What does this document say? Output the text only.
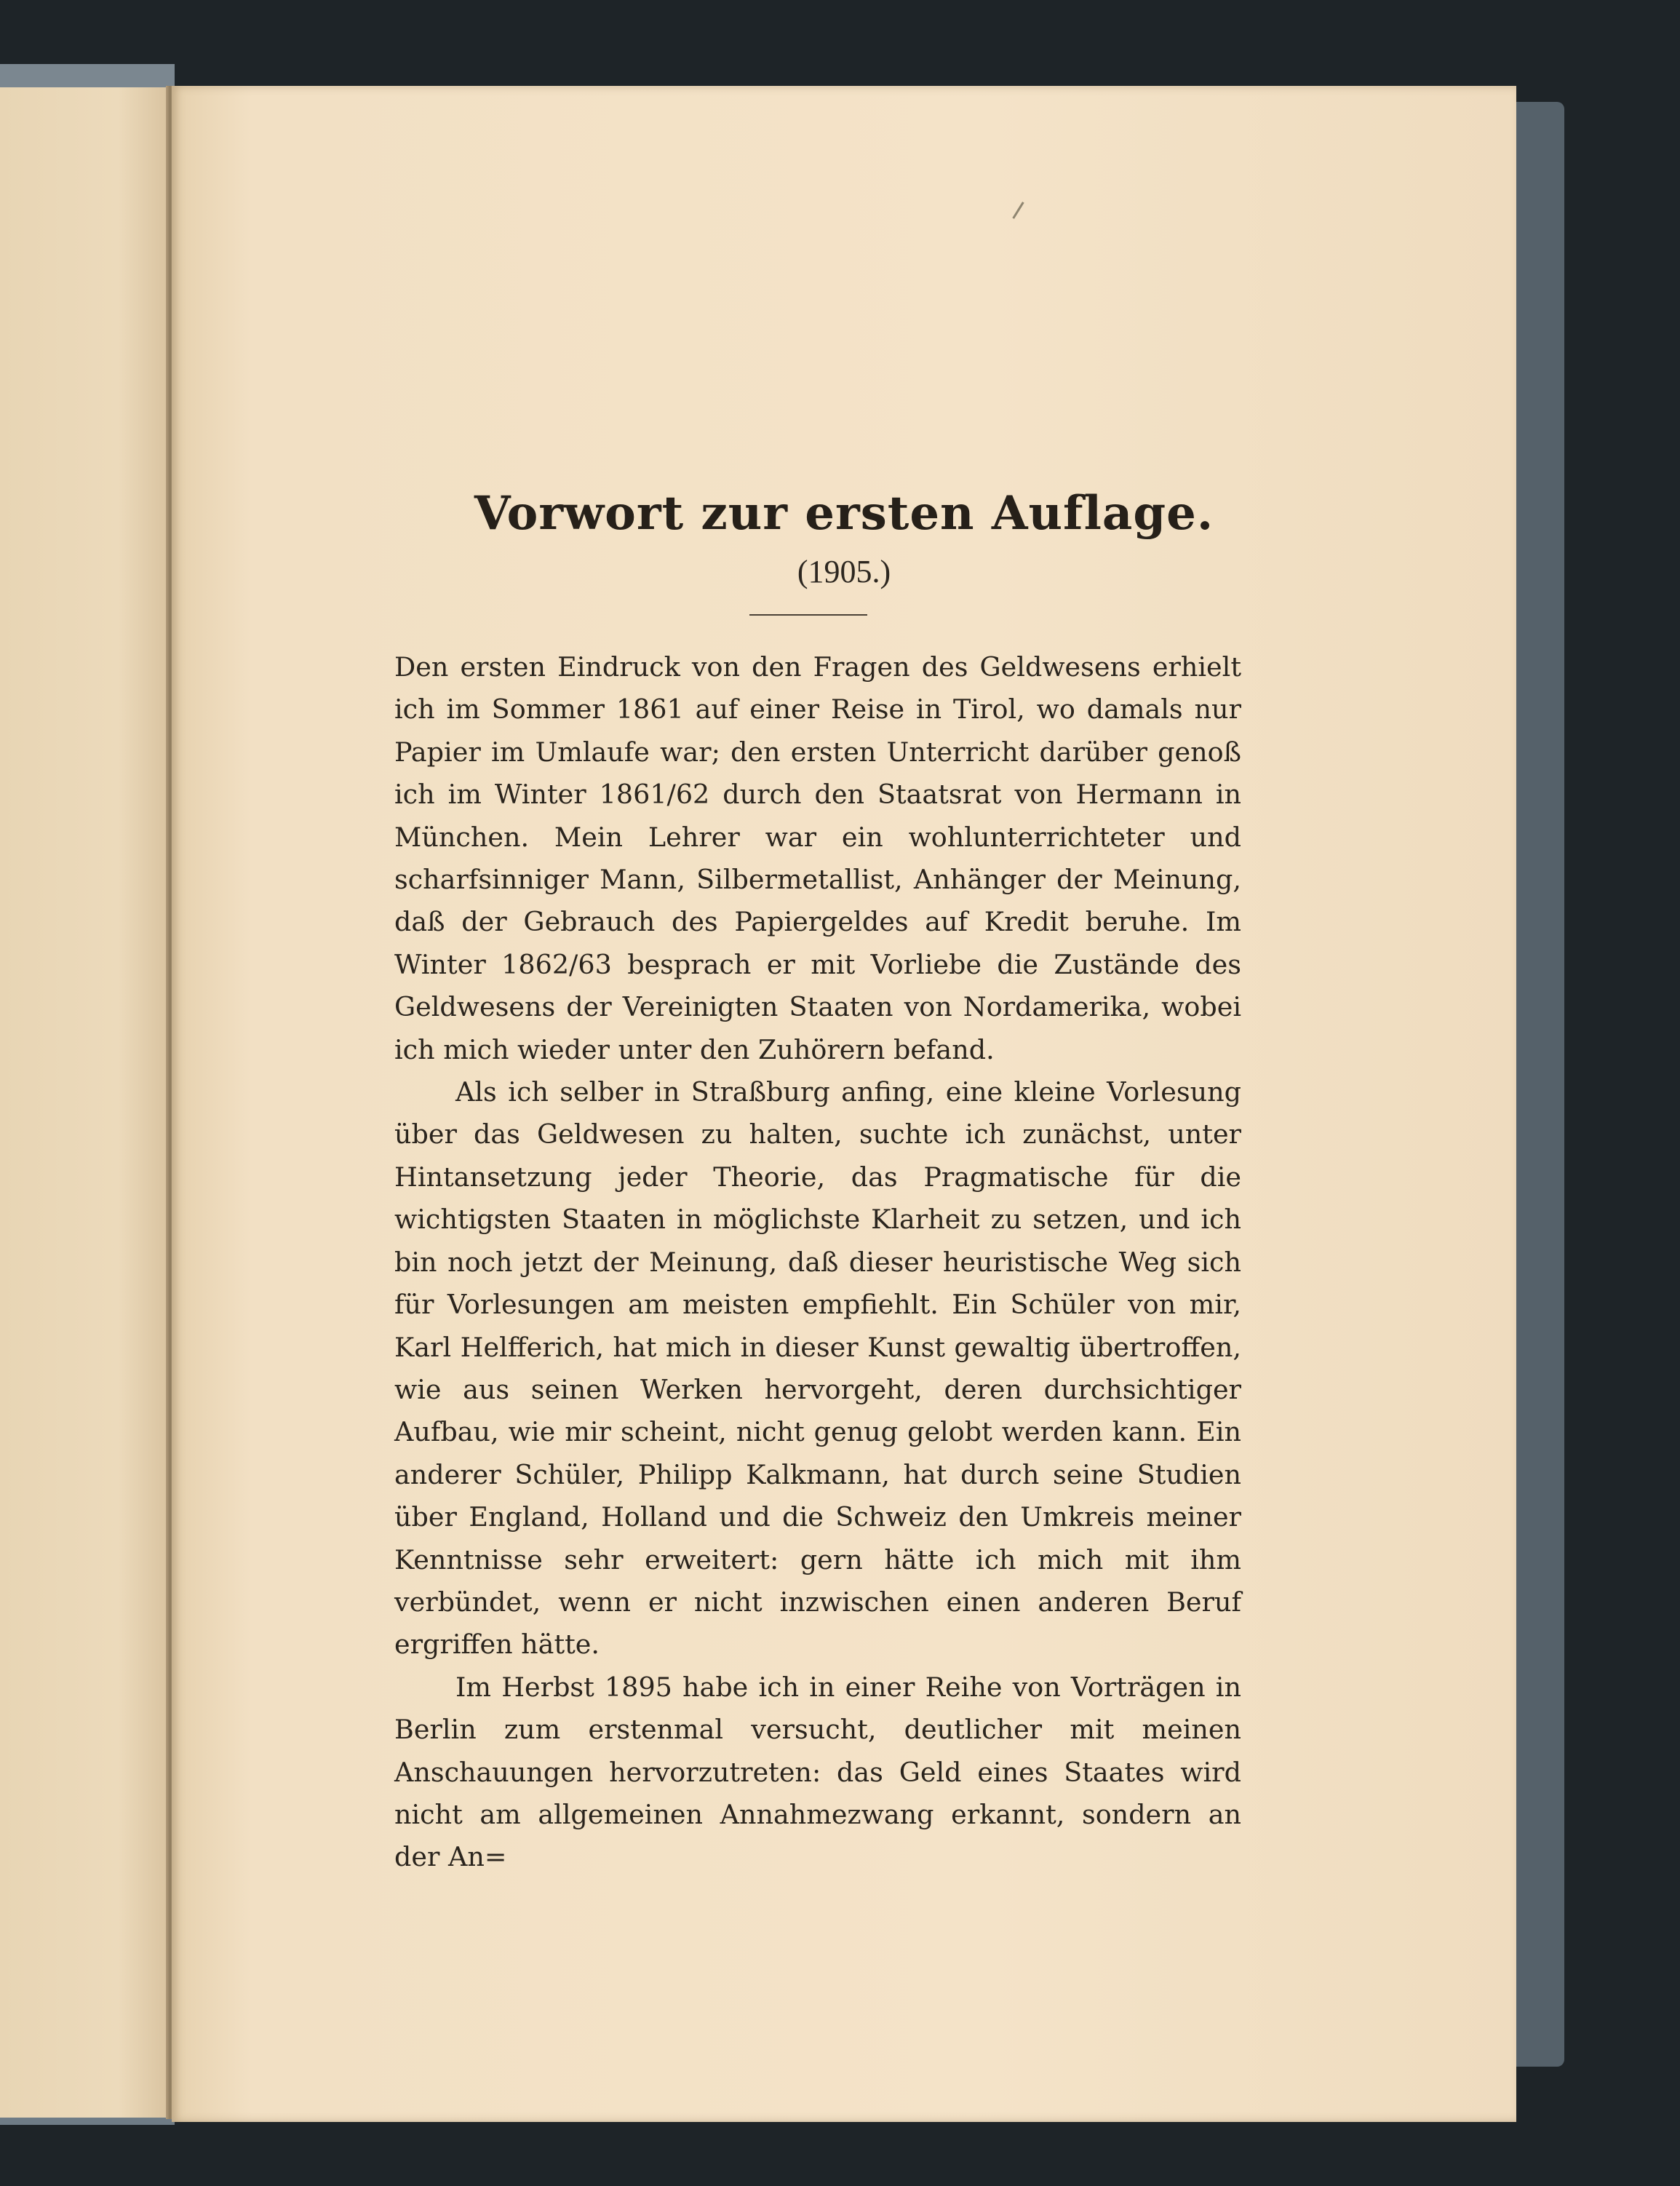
Vorwort zur ersten Auflage.
(1905.)

Den ersten Eindruck von den Fragen des Geldwesens erhielt ich im Sommer 1861 auf einer Reise in Tirol, wo damals nur Papier im Umlaufe war; den ersten Unterricht darüber genoß ich im Winter 1861/62 durch den Staatsrat von Hermann in München. Mein Lehrer war ein wohlunterrichteter und scharfsinniger Mann, Silbermetallist, Anhänger der Meinung, daß der Gebrauch des Papiergeldes auf Kredit beruhe. Im Winter 1862/63 besprach er mit Vorliebe die Zustände des Geldwesens der Vereinigten Staaten von Nordamerika, wobei ich mich wieder unter den Zuhörern befand.

Als ich selber in Straßburg anfing, eine kleine Vorlesung über das Geldwesen zu halten, suchte ich zunächst, unter Hintansetzung jeder Theorie, das Pragmatische für die wichtigsten Staaten in möglichste Klarheit zu setzen, und ich bin noch jetzt der Meinung, daß dieser heuristische Weg sich für Vorlesungen am meisten empfiehlt. Ein Schüler von mir, Karl Helfferich, hat mich in dieser Kunst gewaltig übertroffen, wie aus seinen Werken hervorgeht, deren durchsichtiger Aufbau, wie mir scheint, nicht genug gelobt werden kann. Ein anderer Schüler, Philipp Kalkmann, hat durch seine Studien über England, Holland und die Schweiz den Umkreis meiner Kenntnisse sehr erweitert: gern hätte ich mich mit ihm verbündet, wenn er nicht inzwischen einen anderen Beruf ergriffen hätte.

Im Herbst 1895 habe ich in einer Reihe von Vorträgen in Berlin zum erstenmal versucht, deutlicher mit meinen Anschauungen hervorzutreten: das Geld eines Staates wird nicht am allgemeinen Annahmezwang erkannt, sondern an der An=
